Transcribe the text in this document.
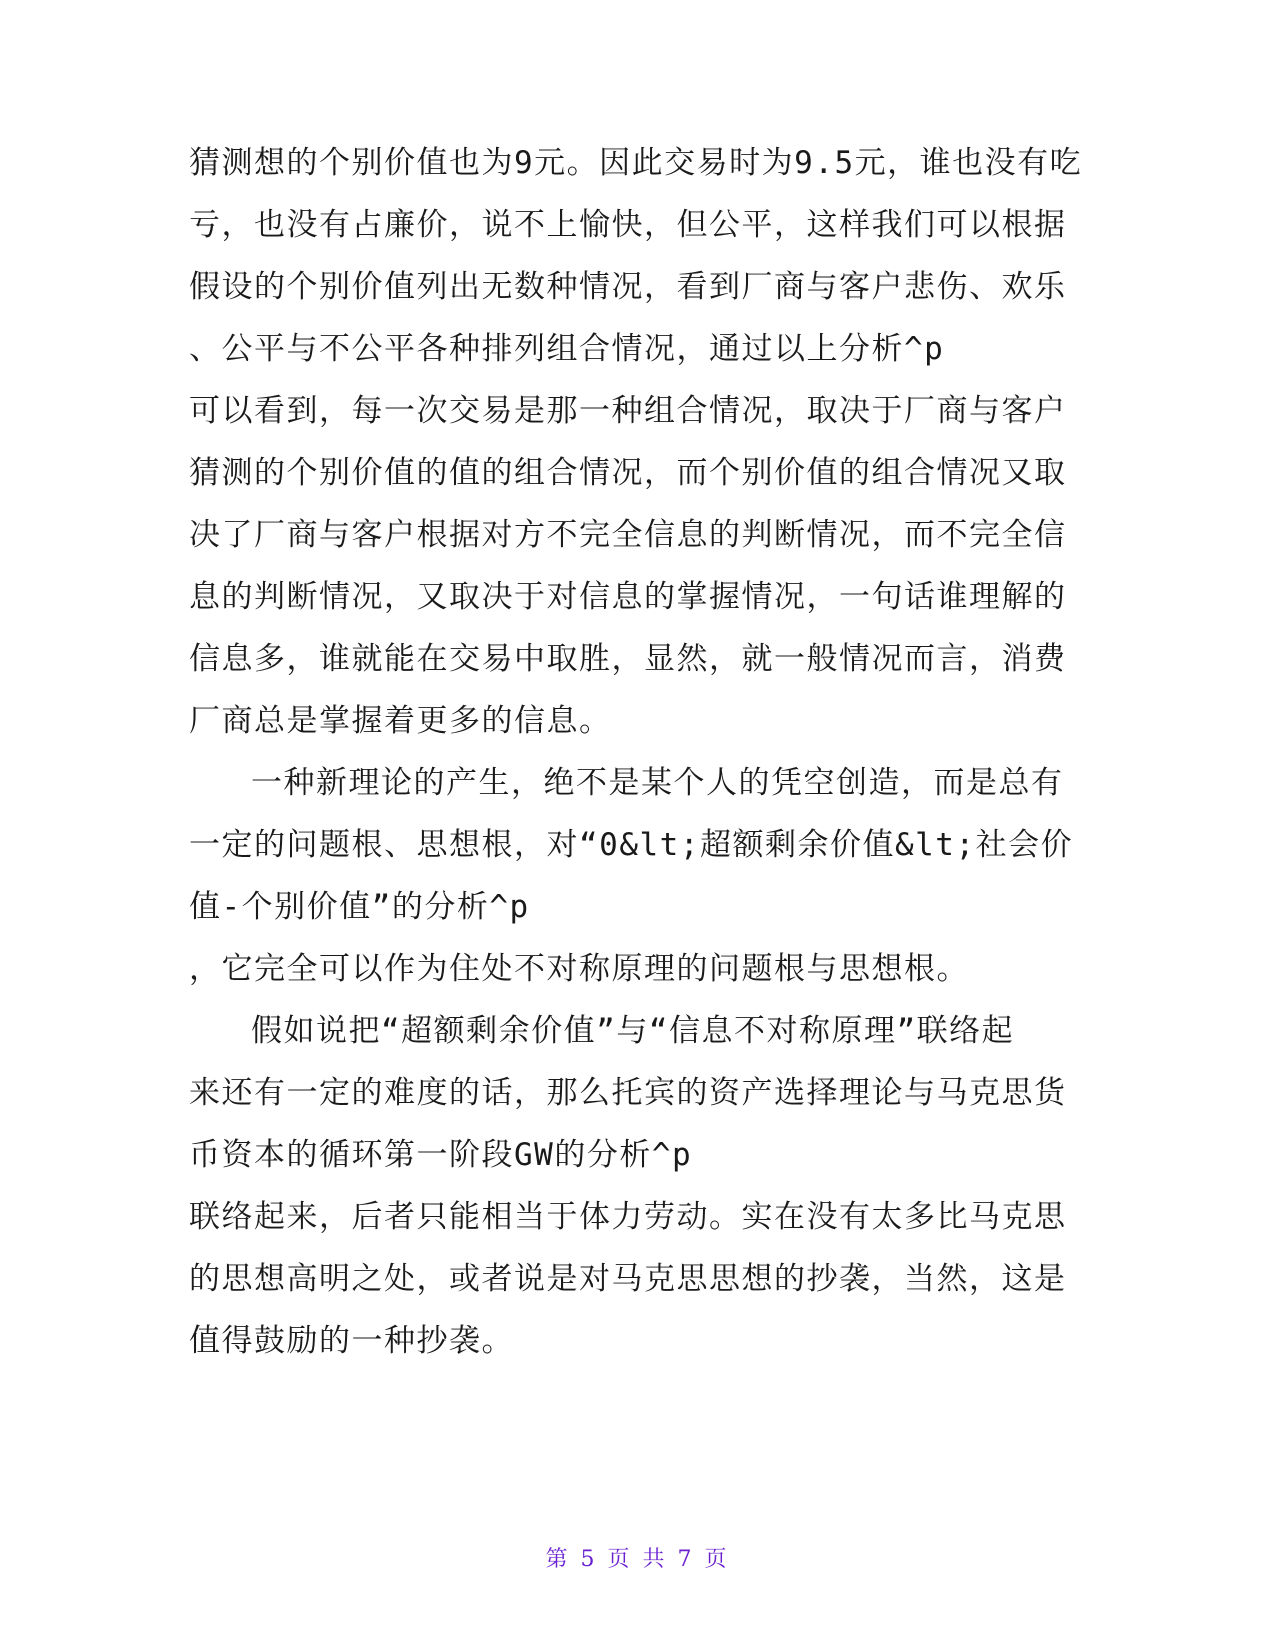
猜测想的个别价值也为9元。因此交易时为9.5元，谁也没有吃
亏，也没有占廉价，说不上愉快，但公平，这样我们可以根据
假设的个别价值列出无数种情况，看到厂商与客户悲伤、欢乐
、公平与不公平各种排列组合情况，通过以上分析^p
可以看到，每一次交易是那一种组合情况，取决于厂商与客户
猜测的个别价值的值的组合情况，而个别价值的组合情况又取
决了厂商与客户根据对方不完全信息的判断情况，而不完全信
息的判断情况，又取决于对信息的掌握情况，一句话谁理解的
信息多，谁就能在交易中取胜，显然，就一般情况而言，消费
厂商总是掌握着更多的信息。
一种新理论的产生，绝不是某个人的凭空创造，而是总有
一定的问题根、思想根，对“0&lt;超额剩余价值&lt;社会价
值-个别价值”的分析^p
，它完全可以作为住处不对称原理的问题根与思想根。
假如说把“超额剩余价值”与“信息不对称原理”联络起
来还有一定的难度的话，那么托宾的资产选择理论与马克思货
币资本的循环第一阶段GW的分析^p
联络起来，后者只能相当于体力劳动。实在没有太多比马克思
的思想高明之处，或者说是对马克思思想的抄袭，当然，这是
值得鼓励的一种抄袭。
第 5 页 共 7 页
